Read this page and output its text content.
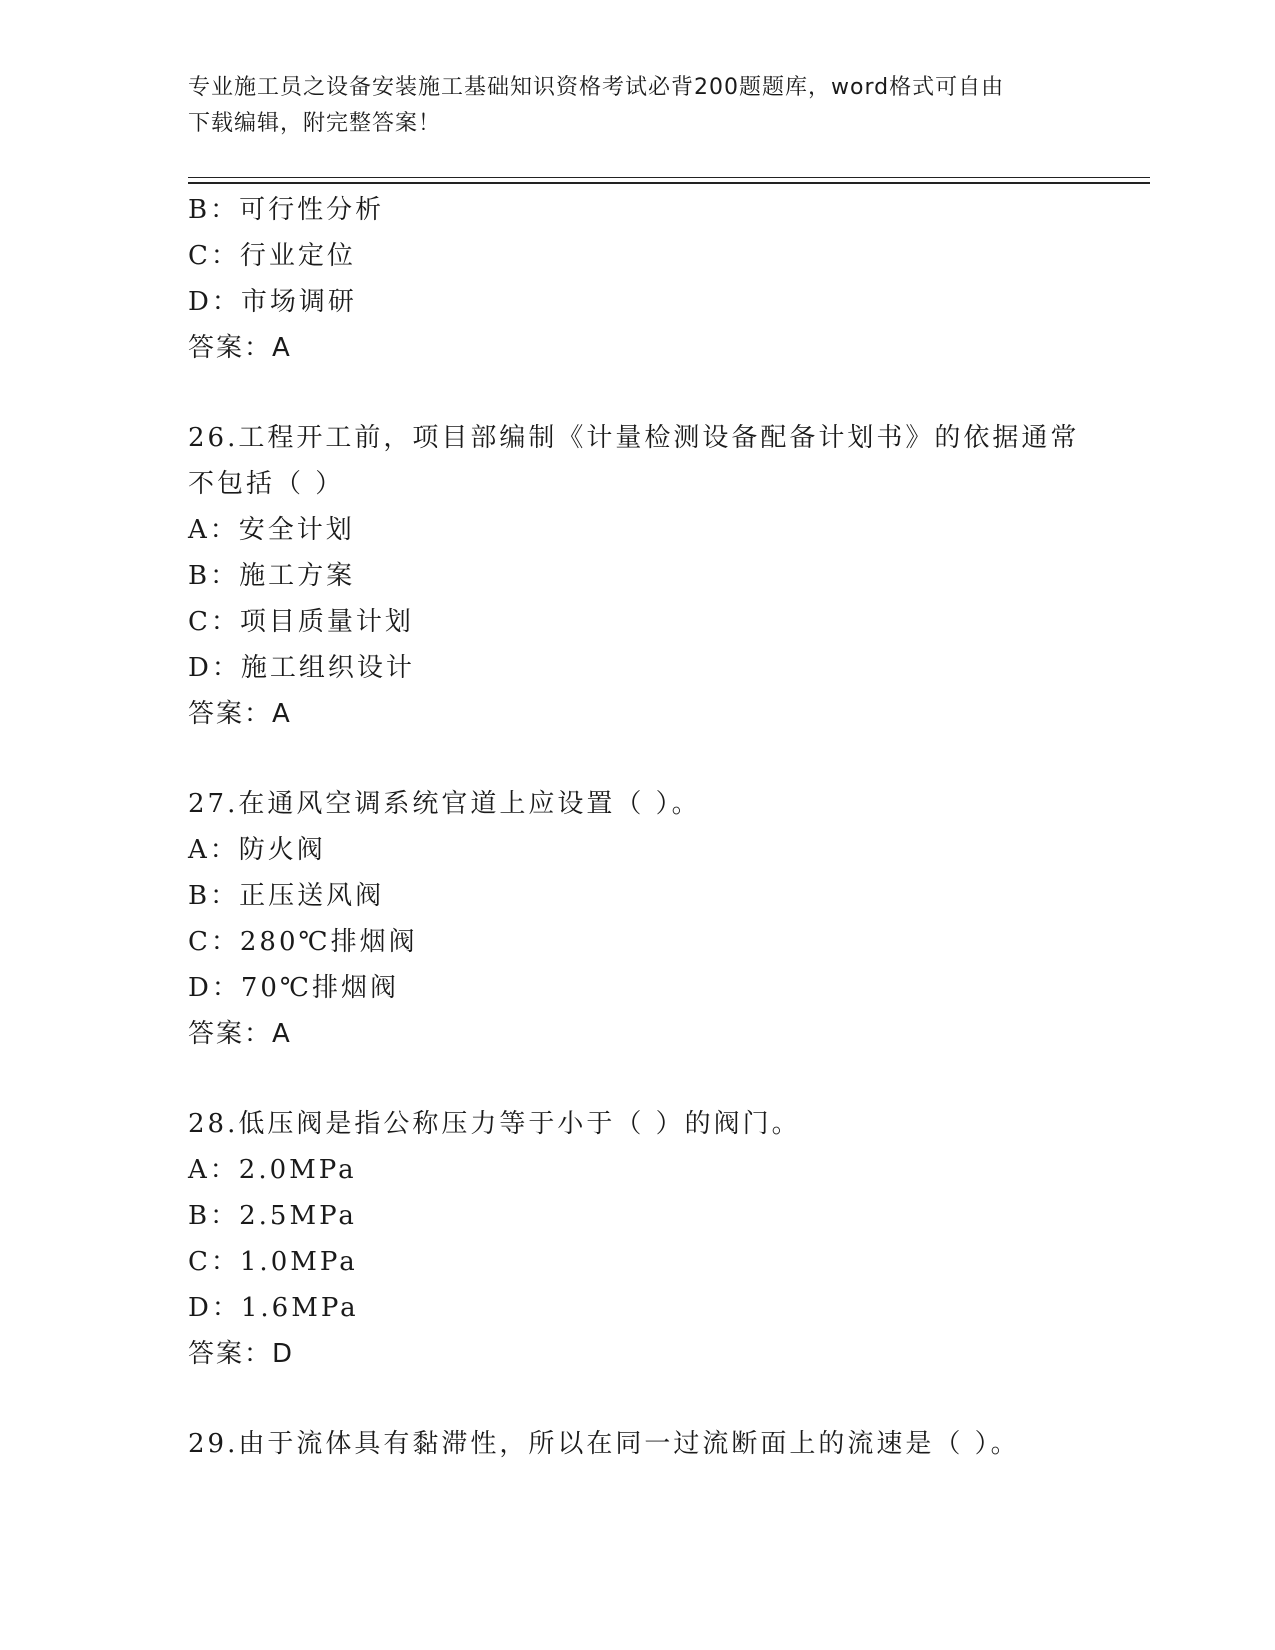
专业施工员之设备安装施工基础知识资格考试必背200题题库，word格式可自由
下载编辑，附完整答案！
B：可行性分析
C：行业定位
D：市场调研
答案：A
26.工程开工前，项目部编制《计量检测设备配备计划书》的依据通常
不包括（ ）
A：安全计划
B：施工方案
C：项目质量计划
D：施工组织设计
答案：A
27.在通风空调系统官道上应设置（ ）。
A：防火阀
B：正压送风阀
C：280℃排烟阀
D：70℃排烟阀
答案：A
28.低压阀是指公称压力等于小于（ ）的阀门。
A：2.0MPa
B：2.5MPa
C：1.0MPa
D：1.6MPa
答案：D
29.由于流体具有黏滞性，所以在同一过流断面上的流速是（ ）。
